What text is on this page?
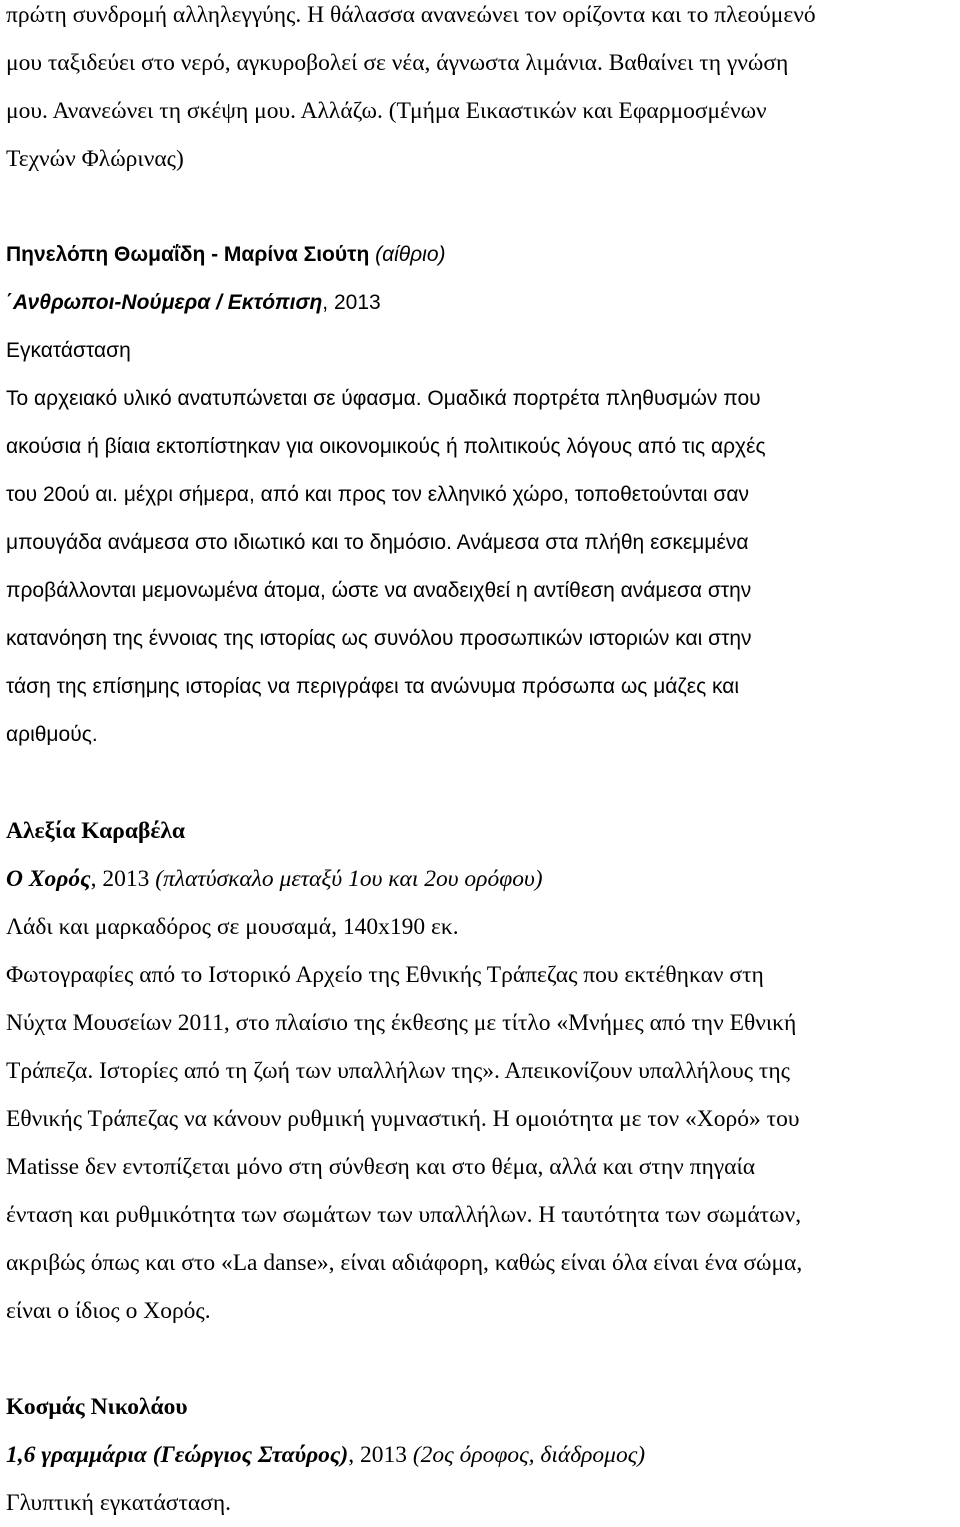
πρώτη συνδρομή αλληλεγγύης. Η θάλασσα ανανεώνει τον ορίζοντα και το πλεούμενό
μου ταξιδεύει στο νερό, αγκυροβολεί σε νέα, άγνωστα λιμάνια. Βαθαίνει τη γνώση
μου. Ανανεώνει τη σκέψη μου. Αλλάζω. (Τμήμα Εικαστικών και Εφαρμοσμένων
Τεχνών Φλώρινας)
Πηνελόπη Θωμαΐδη - Μαρίνα Σιούτη (αίθριο)
΄Ανθρωποι-Νούμερα / Εκτόπιση, 2013
Εγκατάσταση
Το αρχειακό υλικό ανατυπώνεται σε ύφασμα. Ομαδικά πορτρέτα πληθυσμών που
ακούσια ή βίαια εκτοπίστηκαν για οικονομικούς ή πολιτικούς λόγους από τις αρχές
του 20ού αι. μέχρι σήμερα, από και προς τον ελληνικό χώρο, τοποθετούνται σαν
μπουγάδα ανάμεσα στο ιδιωτικό και το δημόσιο. Ανάμεσα στα πλήθη εσκεμμένα
προβάλλονται μεμονωμένα άτομα, ώστε να αναδειχθεί η αντίθεση ανάμεσα στην
κατανόηση της έννοιας της ιστορίας ως συνόλου προσωπικών ιστοριών και στην
τάση της επίσημης ιστορίας να περιγράφει τα ανώνυμα πρόσωπα ως μάζες και
αριθμούς.
Αλεξία Καραβέλα
Ο Χορός, 2013 (πλατύσκαλο μεταξύ 1ου και 2ου ορόφου)
Λάδι και μαρκαδόρος σε μουσαμά, 140x190 εκ.
Φωτογραφίες από το Ιστορικό Αρχείο της Εθνικής Τράπεζας που εκτέθηκαν στη
Νύχτα Μουσείων 2011, στο πλαίσιο της έκθεσης με τίτλο «Μνήμες από την Εθνική
Τράπεζα. Ιστορίες από τη ζωή των υπαλλήλων της». Απεικονίζουν υπαλλήλους της
Εθνικής Τράπεζας να κάνουν ρυθμική γυμναστική. Η ομοιότητα με τον «Χορό» του
Matisse δεν εντοπίζεται μόνο στη σύνθεση και στο θέμα, αλλά και στην πηγαία
ένταση και ρυθμικότητα των σωμάτων των υπαλλήλων. Η ταυτότητα των σωμάτων,
ακριβώς όπως και στο «La danse», είναι αδιάφορη, καθώς είναι όλα είναι ένα σώμα,
είναι ο ίδιος ο Χορός.
Κοσμάς Νικολάου
1,6 γραμμάρια (Γεώργιος Σταύρος), 2013 (2ος όροφος, διάδρομος)
Γλυπτική εγκατάσταση.
